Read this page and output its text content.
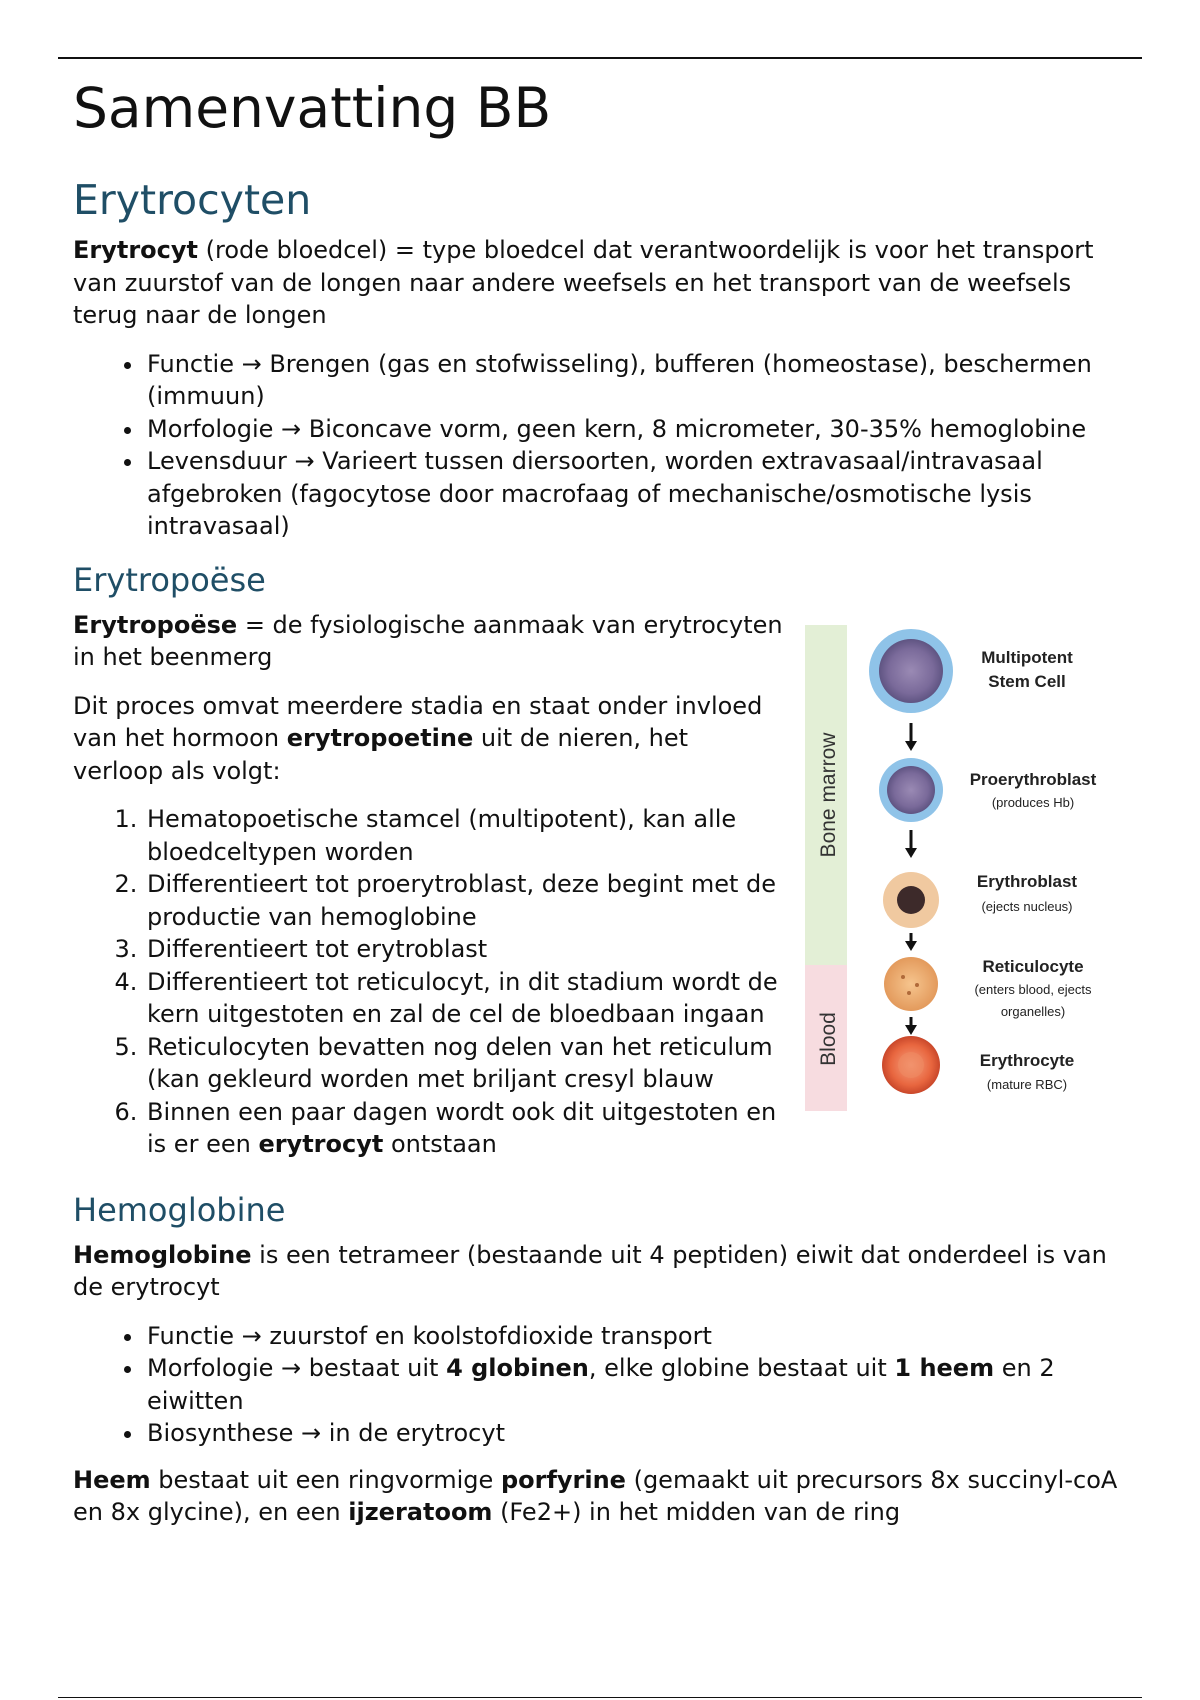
Samenvatting BB
Erytrocyten

Erytrocyt (rode bloedcel) = type bloedcel dat verantwoordelijk is voor het transport van zuurstof van de longen naar andere weefsels en het transport van de weefsels terug naar de longen

• Functie → Brengen (gas en stofwisseling), bufferen (homeostase), beschermen (immuun)
• Morfologie → Biconcave vorm, geen kern, 8 micrometer, 30-35% hemoglobine
• Levensduur → Varieert tussen diersoorten, worden extravasaal/intravasaal afgebroken (fagocytose door macrofaag of mechanische/osmotische lysis intravasaal)
Erytropoëse
Bone marrow
Blood
Multipotent
Stem Cell
Proerythroblast
(produces Hb)
Erythroblast
(ejects nucleus)
Reticulocyte
(enters blood, ejects
organelles)
Erythrocyte
(mature RBC)

Erytropoëse = de fysiologische aanmaak van erytrocyten in het beenmerg

Dit proces omvat meerdere stadia en staat onder invloed van het hormoon erytropoetine uit de nieren, het verloop als volgt:

1. Hematopoetische stamcel (multipotent), kan alle bloedceltypen worden
2. Differentieert tot proerytroblast, deze begint met de productie van hemoglobine
3. Differentieert tot erytroblast
4. Differentieert tot reticulocyt, in dit stadium wordt de kern uitgestoten en zal de cel de bloedbaan ingaan
5. Reticulocyten bevatten nog delen van het reticulum (kan gekleurd worden met briljant cresyl blauw
6. Binnen een paar dagen wordt ook dit uitgestoten en is er een erytrocyt ontstaan
Hemoglobine

Hemoglobine is een tetrameer (bestaande uit 4 peptiden) eiwit dat onderdeel is van de erytrocyt

• Functie → zuurstof en koolstofdioxide transport
• Morfologie → bestaat uit 4 globinen, elke globine bestaat uit 1 heem en 2 eiwitten
• Biosynthese → in de erytrocyt

Heem bestaat uit een ringvormige porfyrine (gemaakt uit precursors 8x succinyl-coA en 8x glycine), en een ijzeratoom (Fe2+) in het midden van de ring
